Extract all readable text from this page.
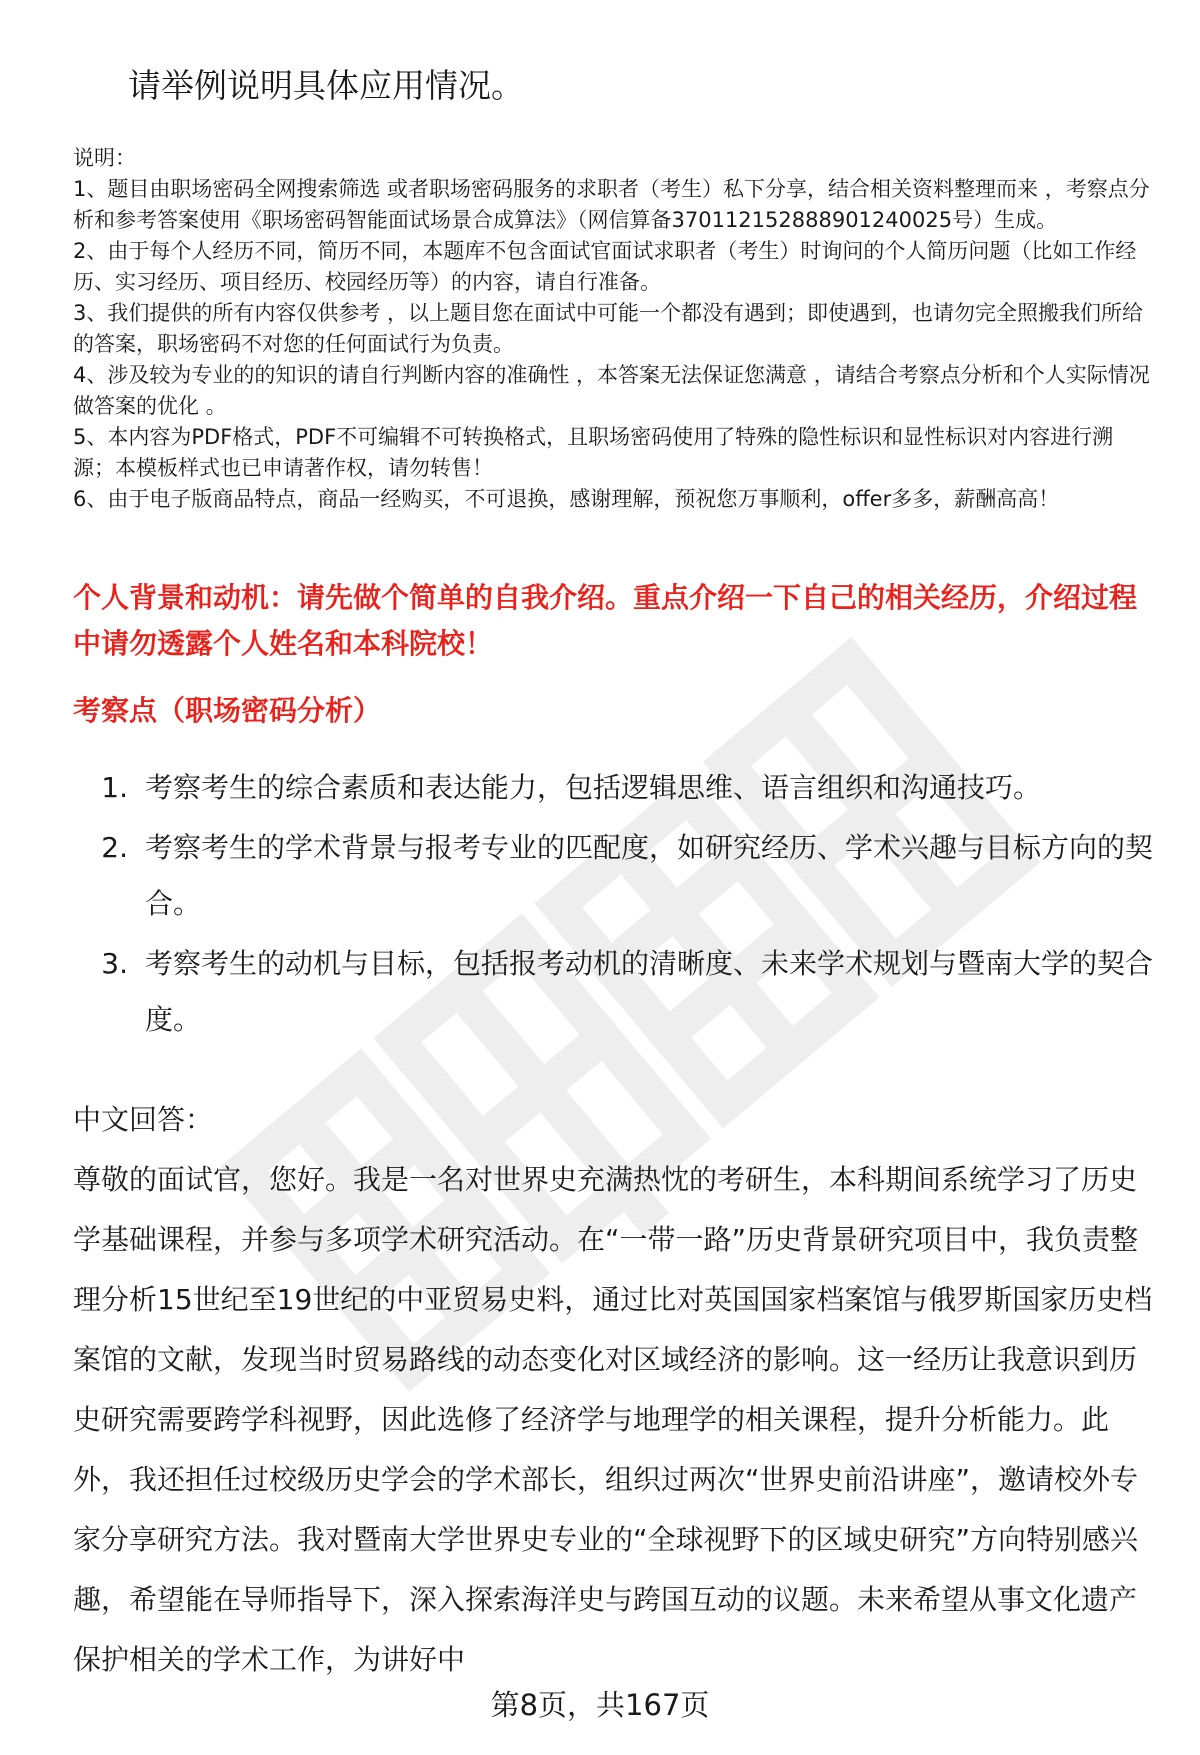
请举例说明具体应用情况。

说明：

1、题目由职场密码全网搜索筛选 或者职场密码服务的求职者（考生）私下分享，结合相关资料整理而来 ，考察点分析和参考答案使用《职场密码智能面试场景合成算法》（网信算备370112152888901240025号）生成。

2、由于每个人经历不同，简历不同，本题库不包含面试官面试求职者（考生）时询问的个人简历问题（比如工作经历、实习经历、项目经历、校园经历等）的内容，请自行准备。

3、我们提供的所有内容仅供参考 ，以上题目您在面试中可能一个都没有遇到；即使遇到，也请勿完全照搬我们所给的答案，职场密码不对您的任何面试行为负责。

4、涉及较为专业的的知识的请自行判断内容的准确性 ，本答案无法保证您满意 ，请结合考察点分析和个人实际情况做答案的优化 。

5、本内容为PDF格式，PDF不可编辑不可转换格式，且职场密码使用了特殊的隐性标识和显性标识对内容进行溯源；本模板样式也已申请著作权，请勿转售！

6、由于电子版商品特点，商品一经购买，不可退换，感谢理解，预祝您万事顺利，offer多多，薪酬高高！

个人背景和动机：请先做个简单的自我介绍。重点介绍一下自己的相关经历，介绍过程中请勿透露个人姓名和本科院校！
考察点（职场密码分析）
1. 考察考生的综合素质和表达能力，包括逻辑思维、语言组织和沟通技巧。
2. 考察考生的学术背景与报考专业的匹配度，如研究经历、学术兴趣与目标方向的契合。
3. 考察考生的动机与目标，包括报考动机的清晰度、未来学术规划与暨南大学的契合度。

中文回答：

尊敬的面试官，您好。我是一名对世界史充满热忱的考研生，本科期间系统学习了历史学基础课程，并参与多项学术研究活动。在“一带一路”历史背景研究项目中，我负责整理分析15世纪至19世纪的中亚贸易史料，通过比对英国国家档案馆与俄罗斯国家历史档案馆的文献，发现当时贸易路线的动态变化对区域经济的影响。这一经历让我意识到历史研究需要跨学科视野，因此选修了经济学与地理学的相关课程，提升分析能力。此外，我还担任过校级历史学会的学术部长，组织过两次“世界史前沿讲座”，邀请校外专家分享研究方法。我对暨南大学世界史专业的“全球视野下的区域史研究”方向特别感兴趣，希望能在导师指导下，深入探索海洋史与跨国互动的议题。未来希望从事文化遗产保护相关的学术工作，为讲好中

第8页，共167页
